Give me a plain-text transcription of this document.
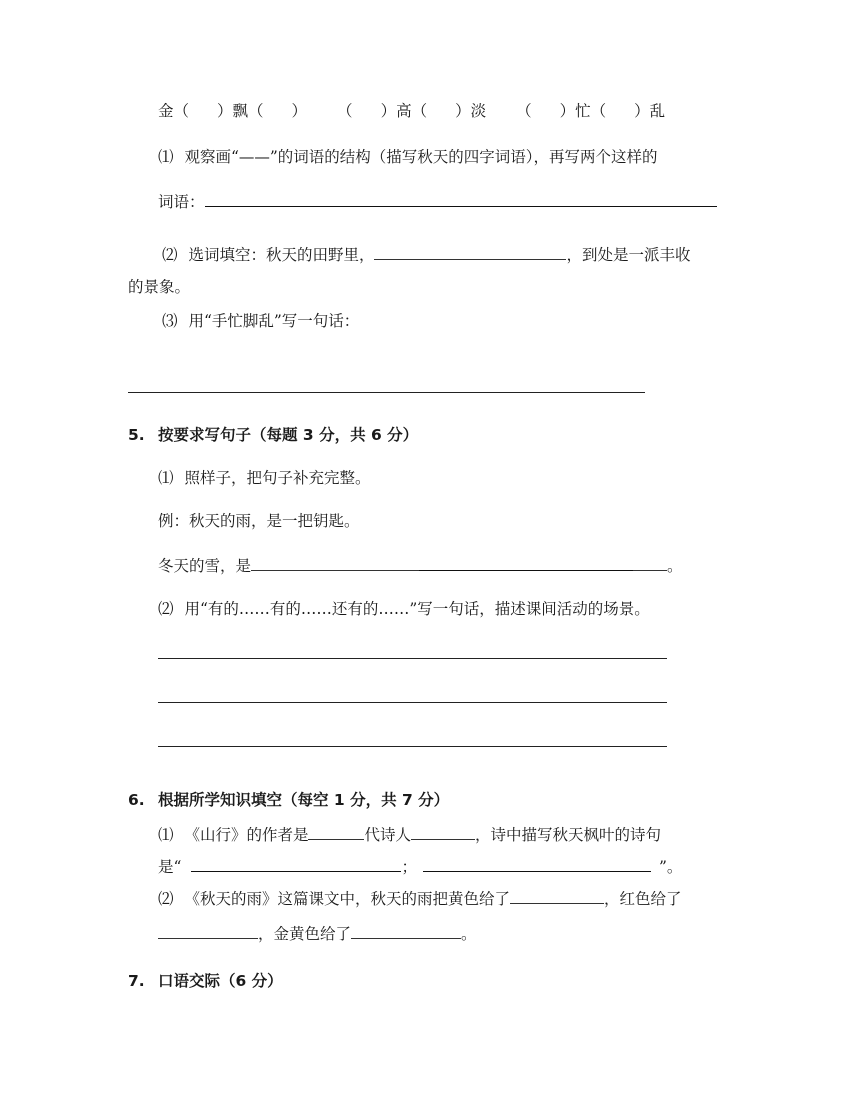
金（ ）飘（ ） （ ）高（ ）淡 （ ）忙（ ）乱
⑴ 观察画“——”的词语的结构（描写秋天的四字词语），再写两个这样的
词语：
⑵ 选词填空：秋天的田野里，	，到处是一派丰收
的景象。
⑶ 用“手忙脚乱”写一句话：
5. 按要求写句子（每题 3 分，共 6 分）
⑴ 照样子，把句子补充完整。
例：秋天的雨，是一把钥匙。
冬天的雪，是	。
⑵ 用“有的……有的……还有的……”写一句话，描述课间活动的场景。
6. 根据所学知识填空（每空 1 分，共 7 分）
⑴ 《山行》的作者是	代诗人	，诗中描写秋天枫叶的诗句
是“	；	”。
⑵ 《秋天的雨》这篇课文中，秋天的雨把黄色给了	，红色给了
，金黄色给了	。
7. 口语交际（6 分）
